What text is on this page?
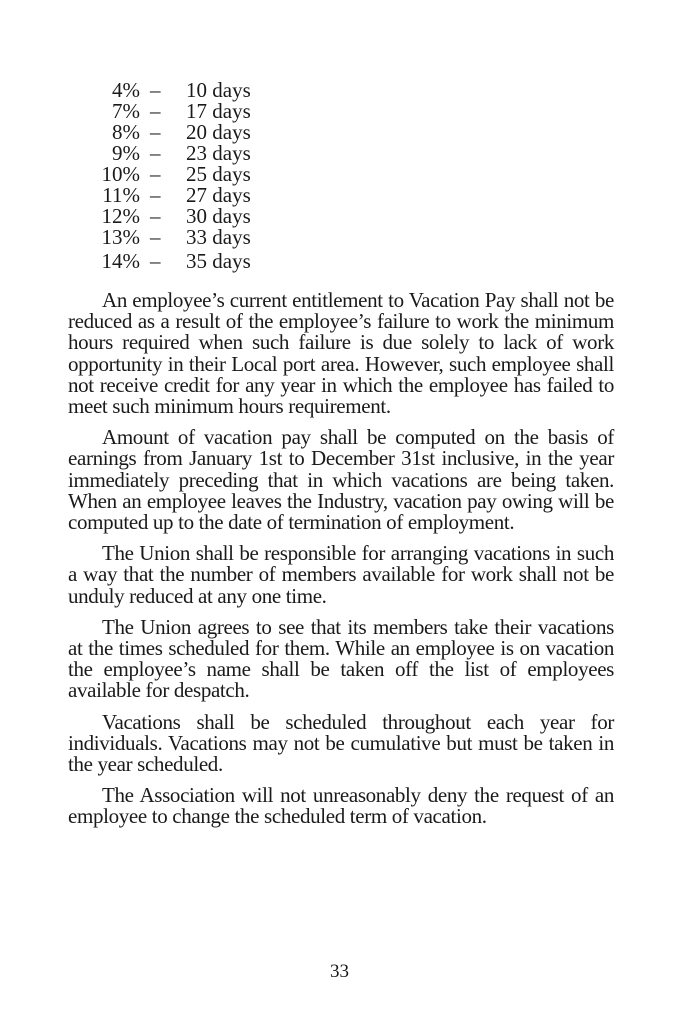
4% – 10 days
7% – 17 days
8% – 20 days
9% – 23 days
10% – 25 days
11% – 27 days
12% – 30 days
13% – 33 days
14% – 35 days

An employee’s current entitlement to Vacation Pay shall not be reduced as a result of the employee’s failure to work the minimum hours required when such failure is due solely to lack of work opportunity in their Local port area. However, such employee shall not receive credit for any year in which the employee has failed to meet such minimum hours requirement.

Amount of vacation pay shall be computed on the basis of earnings from January 1st to December 31st inclusive, in the year immediately preceding that in which vacations are being taken. When an employee leaves the Industry, vacation pay owing will be computed up to the date of termination of employment.

The Union shall be responsible for arranging vacations in such a way that the number of members available for work shall not be unduly reduced at any one time.

The Union agrees to see that its members take their vacations at the times scheduled for them. While an employee is on vacation the employee’s name shall be taken off the list of employees available for despatch.

Vacations shall be scheduled throughout each year for individuals. Vacations may not be cumulative but must be taken in the year scheduled.

The Association will not unreasonably deny the request of an employee to change the scheduled term of vacation.

33
